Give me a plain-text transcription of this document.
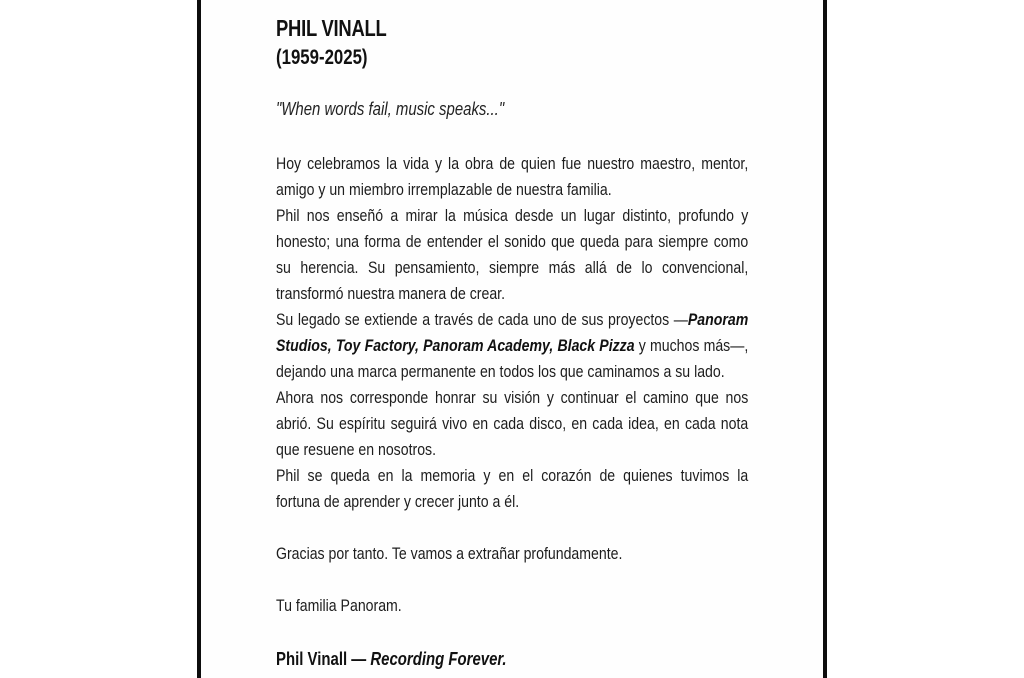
PHIL VINALL
(1959-2025)
"When words fail, music speaks..."
Hoy celebramos la vida y la obra de quien fue nuestro maestro, mentor,
amigo y un miembro irremplazable de nuestra familia.
Phil nos enseñó a mirar la música desde un lugar distinto, profundo y
honesto; una forma de entender el sonido que queda para siempre como
su herencia. Su pensamiento, siempre más allá de lo convencional,
transformó nuestra manera de crear.
Su legado se extiende a través de cada uno de sus proyectos —Panoram
Studios, Toy Factory, Panoram Academy, Black Pizza y muchos más—,
dejando una marca permanente en todos los que caminamos a su lado.
Ahora nos corresponde honrar su visión y continuar el camino que nos
abrió. Su espíritu seguirá vivo en cada disco, en cada idea, en cada nota
que resuene en nosotros.
Phil se queda en la memoria y en el corazón de quienes tuvimos la
fortuna de aprender y crecer junto a él.
Gracias por tanto. Te vamos a extrañar profundamente.
Tu familia Panoram.
Phil Vinall — Recording Forever.
